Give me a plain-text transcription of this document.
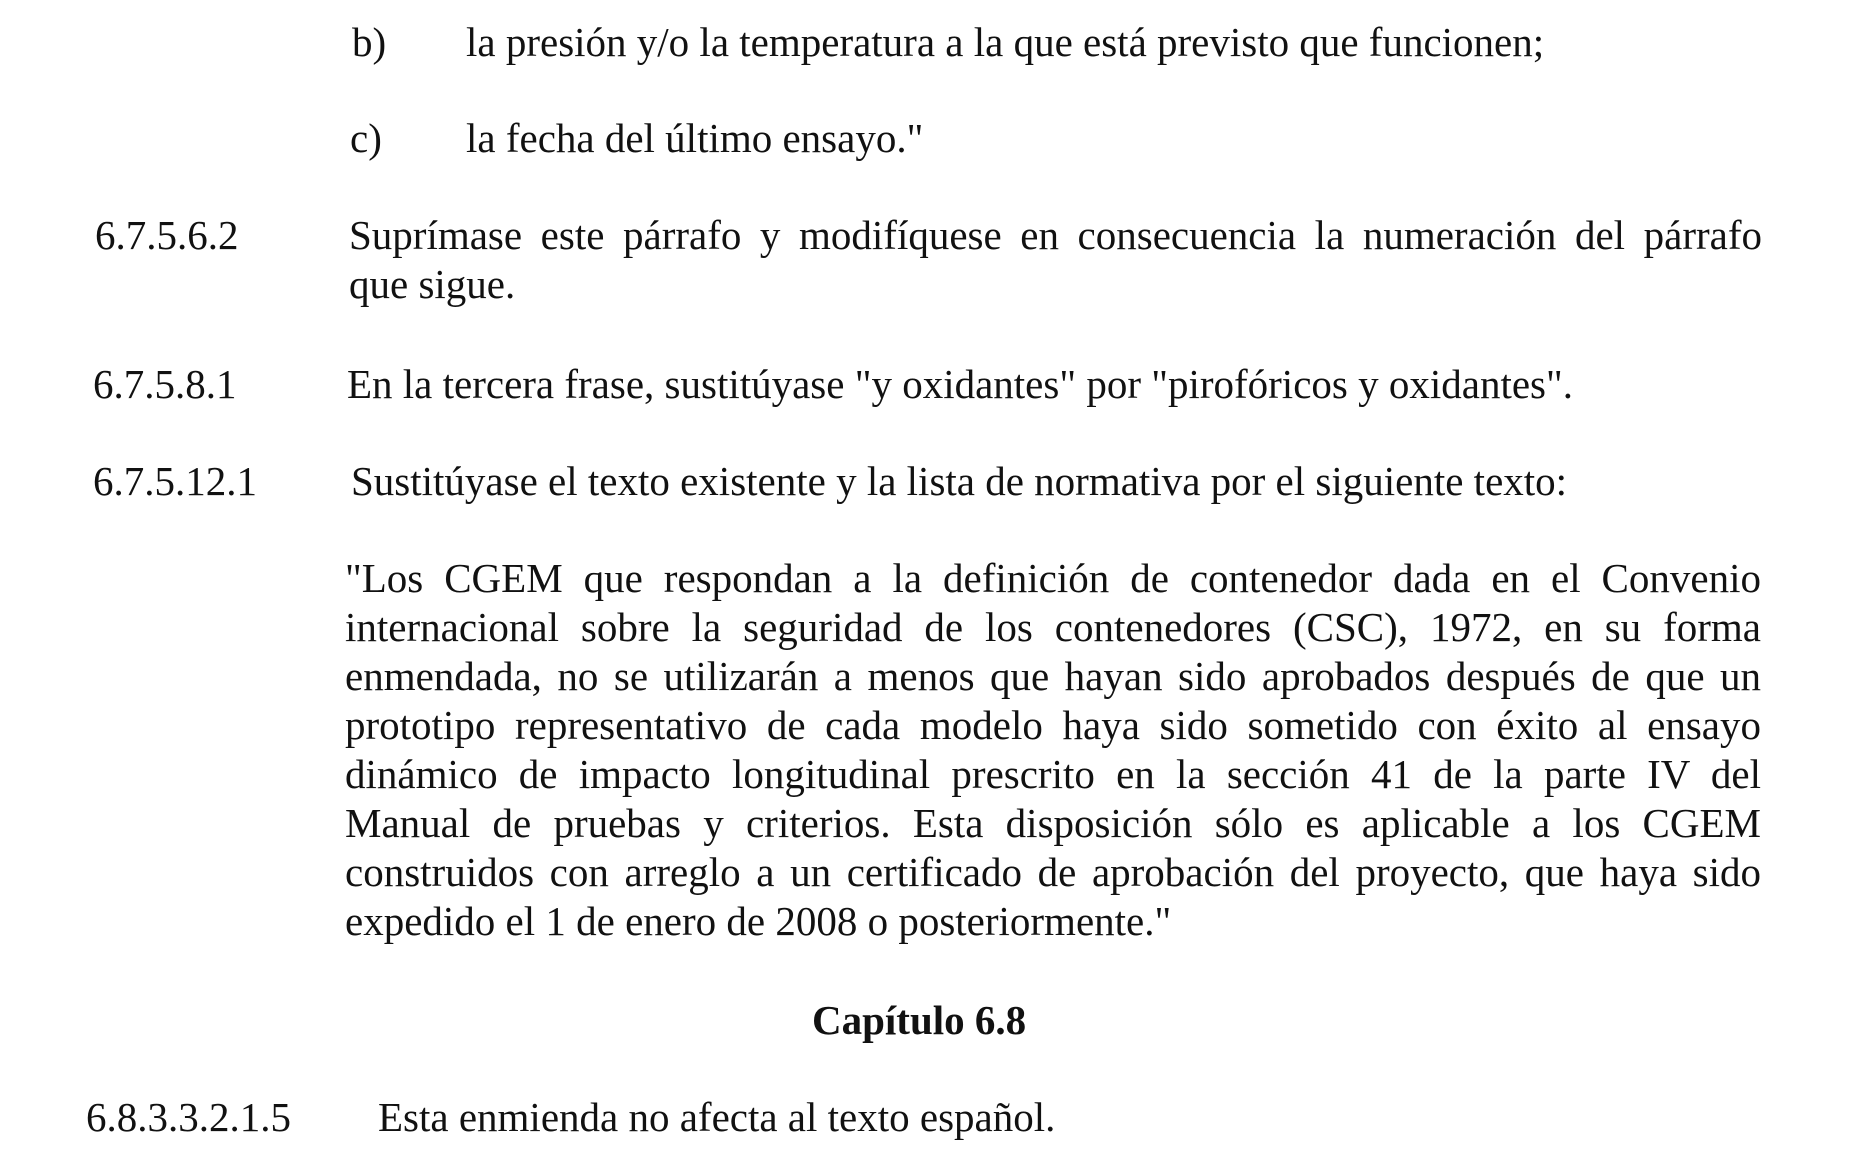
b) la presión y/o la temperatura a la que está previsto que funcionen;
c) la fecha del último ensayo."
6.7.5.6.2	Suprímase este párrafo y modifíquese en consecuencia la numeración del párrafo
que sigue.
6.7.5.8.1	En la tercera frase, sustitúyase "y oxidantes" por "pirofóricos y oxidantes".
6.7.5.12.1 Sustitúyase el texto existente y la lista de normativa por el siguiente texto:
"Los CGEM que respondan a la definición de contenedor dada en el Convenio
internacional sobre la seguridad de los contenedores (CSC), 1972, en su forma
enmendada, no se utilizarán a menos que hayan sido aprobados después de que un
prototipo representativo de cada modelo haya sido sometido con éxito al ensayo
dinámico de impacto longitudinal prescrito en la sección 41 de la parte IV del
Manual de pruebas y criterios. Esta disposición sólo es aplicable a los CGEM
construidos con arreglo a un certificado de aprobación del proyecto, que haya sido
expedido el 1 de enero de 2008 o posteriormente."
Capítulo 6.8
6.8.3.3.2.1.5 Esta enmienda no afecta al texto español.
